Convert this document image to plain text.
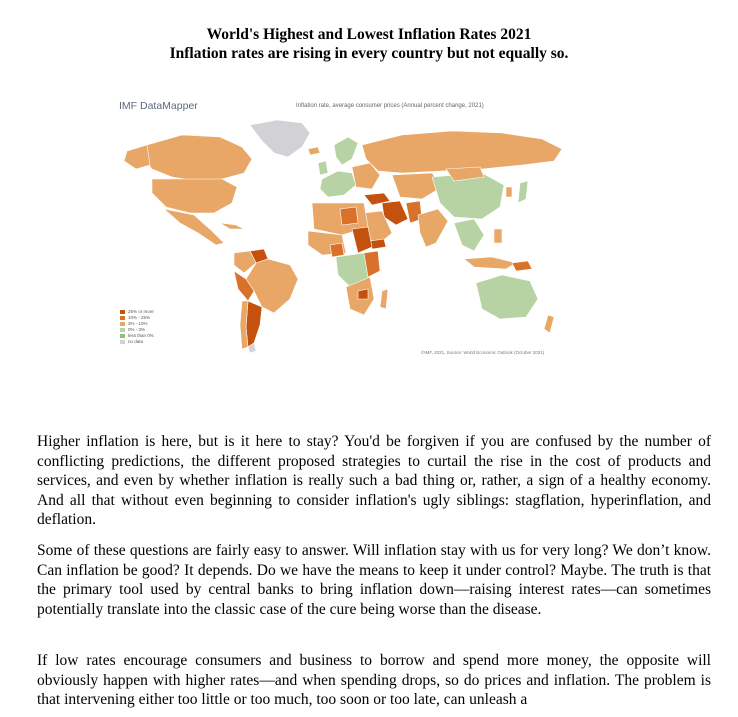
World's Highest and Lowest Inflation Rates 2021
Inflation rates are rising in every country but not equally so.
IMF DataMapper	Inflation rate, average consumer prices (Annual percent change, 2021)
25% or more
10% - 25%
3% - 10%
0% - 3%
less than 0%
no data
©IMF, 2021, Source: World Economic Outlook (October 2021)

Higher inflation is here, but is it here to stay? You'd be forgiven if you are confused by the number of conflicting predictions, the different proposed strategies to curtail the rise in the cost of products and services, and even by whether inflation is really such a bad thing or, rather, a sign of a healthy economy. And all that without even beginning to consider inflation's ugly siblings: stagflation, hyperinflation, and deflation.

Some of these questions are fairly easy to answer. Will inflation stay with us for very long? We don’t know. Can inflation be good? It depends. Do we have the means to keep it under control? Maybe. The truth is that the primary tool used by central banks to bring inflation down—raising interest rates—can sometimes potentially translate into the classic case of the cure being worse than the disease.

If low rates encourage consumers and business to borrow and spend more money, the opposite will obviously happen with higher rates—and when spending drops, so do prices and inflation. The problem is that intervening either too little or too much, too soon or too late, can unleash a
